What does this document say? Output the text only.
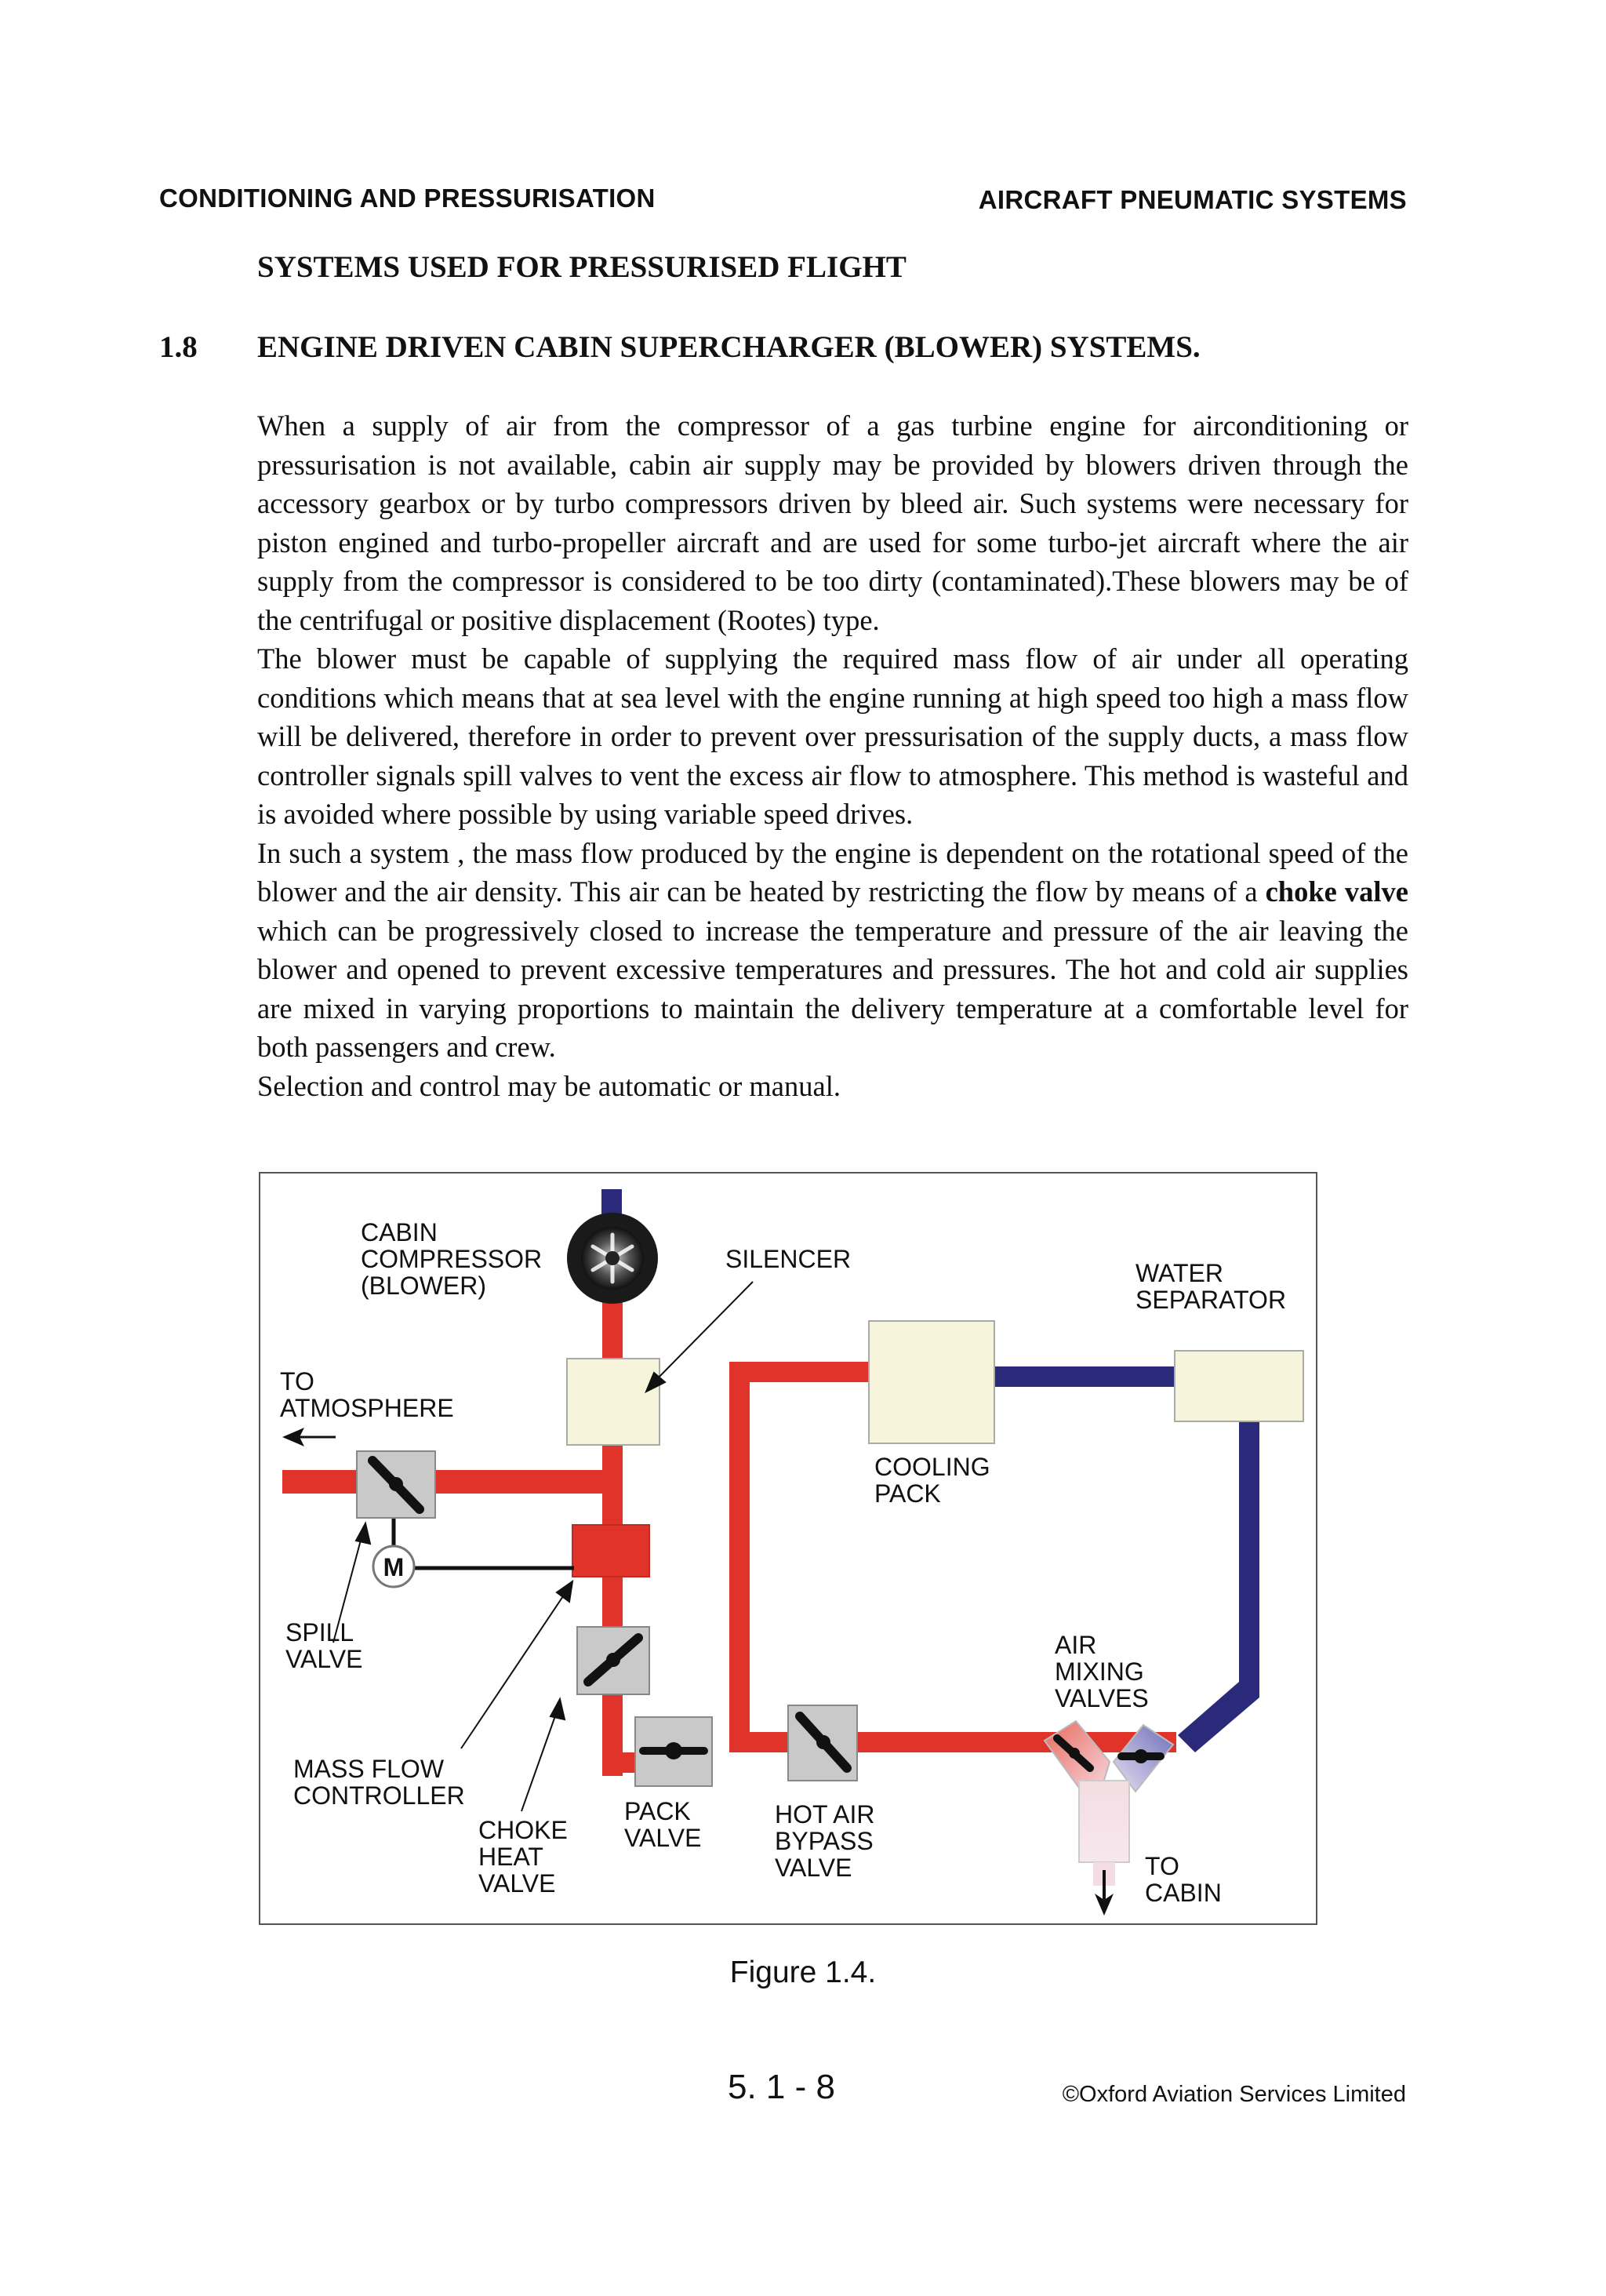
CONDITIONING AND PRESSURISATION	AIRCRAFT PNEUMATIC SYSTEMS
SYSTEMS USED FOR PRESSURISED FLIGHT
1.8 ENGINE DRIVEN CABIN SUPERCHARGER (BLOWER) SYSTEMS.

When a supply of air from the compressor of a gas turbine engine for airconditioning or pressurisation is not available, cabin air supply may be provided by blowers driven through the accessory gearbox or by turbo compressors driven by bleed air. Such systems were necessary for piston engined and turbo-propeller aircraft and are used for some turbo-jet aircraft where the air supply from the compressor is considered to be too dirty (contaminated).These blowers may be of the centrifugal or positive displacement (Rootes) type.

The blower must be capable of supplying the required mass flow of air under all operating conditions which means that at sea level with the engine running at high speed too high a mass flow will be delivered, therefore in order to prevent over pressurisation of the supply ducts, a mass flow controller signals spill valves to vent the excess air flow to atmosphere. This method is wasteful and is avoided where possible by using variable speed drives.

In such a system , the mass flow produced by the engine is dependent on the rotational speed of the blower and the air density. This air can be heated by restricting the flow by means of a choke valve which can be progressively closed to increase the temperature and pressure of the air leaving the blower and opened to prevent excessive temperatures and pressures. The hot and cold air supplies are mixed in varying proportions to maintain the delivery temperature at a comfortable level for both passengers and crew.

Selection and control may be automatic or manual.

M
CABIN COMPRESSOR (BLOWER)
SILENCER	WATER SEPARATOR
TO ATMOSPHERE
COOLING PACK
SPILL VALVE	AIR MIXING VALVES
MASS FLOW CONTROLLER
CHOKE HEAT VALVE
PACK VALVE
HOT AIR BYPASS VALVE	TO CABIN
Figure 1.4.
5. 1 - 8	©Oxford Aviation Services Limited
